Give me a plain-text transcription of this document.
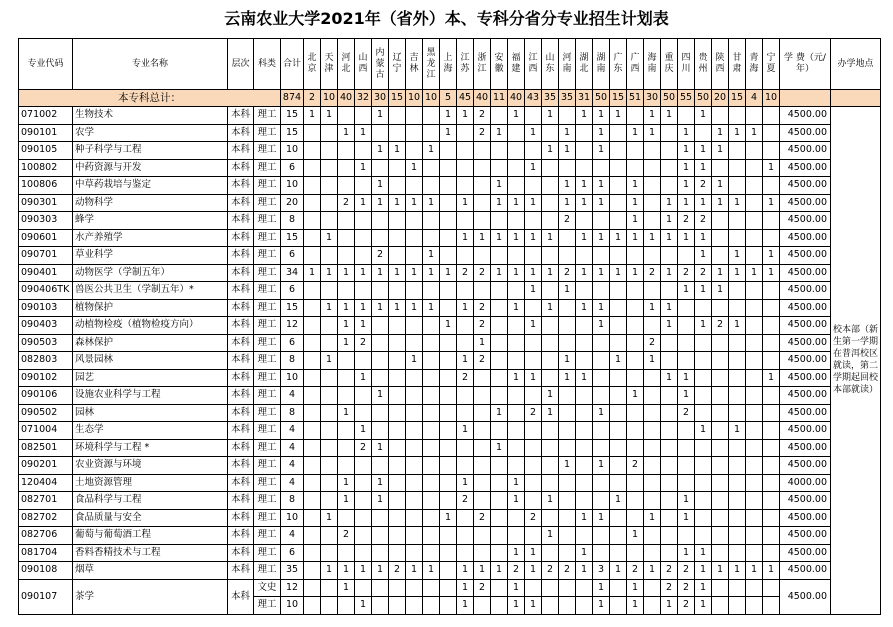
云南农业大学2021年（省外）本、专科分省分专业招生计划表
专业代码	专业名称	层次	科类	合计	北京	天津	河北	山西	内蒙古	辽宁	吉林	黑龙江	上海	江苏	浙江	安徽	福建	江西	山东	河南	湖北	湖南	广东	广西	海南	重庆	四川	贵州	陕西	甘肃	青海	宁夏	学 费（元/年）	办学地点
本专科总计：				874	2	10	40	32	30	15	10	10	5	45	40	11	40	43	35	35	31	50	15	51	30	50	55	50	20	15	4	10		
071002	生物技术	本科	理工	15	1	1			1				1	1	2		1		1		1	1	1		1	1		1					4500.00	校本部（新生第一学期在普洱校区就读，第二学期起回校本部就读）
090101	农学	本科	理工	15			1	1					1		2	1		1		1		1		1	1		1		1	1	1		4500.00	
090105	种子科学与工程	本科	理工	10					1	1		1							1	1		1					1	1	1				4500.00	
100802	中药资源与开发	本科	理工	6				1			1							1									1	1				1	4500.00	
100806	中草药栽培与鉴定	本科	理工	10					1							1				1	1	1		1			1	2	1				4500.00	
090301	动物科学	本科	理工	20			2	1	1	1	1	1		1		1	1	1		1	1	1		1		1	1	1	1	1		1	4500.00	
090303	蜂学	本科	理工	8																2				1		1	2	2					4500.00	
090601	水产养殖学	本科	理工	15		1								1	1	1	1	1	1		1	1	1	1	1	1	1	1					4500.00	
090701	草业科学	本科	理工	6					2			1																1		1		1	4500.00	
090401	动物医学（学制五年）	本科	理工	34	1	1	1	1	1	1	1	1	1	2	2	1	1	1	1	2	1	1	1	1	2	1	2	2	1	1	1	1	4500.00	
090406TK	兽医公共卫生（学制五年）*	本科	理工	6														1		1							1	1	1				4500.00	
090103	植物保护	本科	理工	15		1	1	1	1	1	1	1		1	2		1		1		1	1			1	1							4500.00	
090403	动植物检疫（植物检疫方向）	本科	理工	12			1	1					1		2			1				1				1		1	2	1			4500.00	
090503	森林保护	本科	理工	6			1	2							1										2								4500.00	
082803	风景园林	本科	理工	8		1					1			1	2					1			1		1								4500.00	
090102	园艺	本科	理工	10				1						2			1	1		1	1					1	1					1	4500.00	
090106	设施农业科学与工程	本科	理工	4					1										1					1			1						4500.00	
090502	园林	本科	理工	8			1									1		2	1			1					2						4500.00	
071004	生态学	本科	理工	4				1						1														1		1			4500.00	
082501	环境科学与工程 *	本科	理工	4				2	1							1																	4500.00	
090201	农业资源与环境	本科	理工	4																1		1		2									4500.00	
120404	土地资源管理	本科	理工	4			1		1					1			1																4000.00	
082701	食品科学与工程	本科	理工	8			1		1					2			1		1				1				1						4500.00	
082702	食品质量与安全	本科	理工	10		1							1		2			2			1	1			1		1						4500.00	
082706	葡萄与葡萄酒工程	本科	理工	4			2												1					1									4500.00	
081704	香料香精技术与工程	本科	理工	6													1	1			1						1	1					4500.00	
090108	烟草	本科	理工	35		1	1	1	1	2	1	1		1	1	1	2	1	2	2	1	3	1	2	1	2	2	1	1	1	1	1	4500.00	
090107	茶学	本科	文史	12			1							1	2		1					1		1		2	2	1					4500.00	
			理工	10				1						1			1	1				1		1		1	2	1						
